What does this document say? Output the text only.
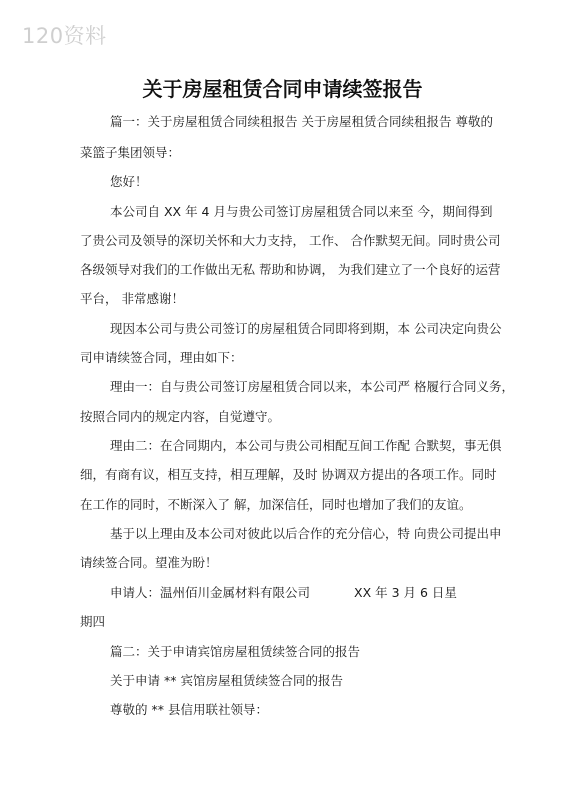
120资料
关于房屋租赁合同申请续签报告
篇一：关于房屋租赁合同续租报告 关于房屋租赁合同续租报告 尊敬的
菜篮子集团领导：
您好！
本公司自 XX 年 4 月与贵公司签订房屋租赁合同以来至 今，期间得到
了贵公司及领导的深切关怀和大力支持， 工作、 合作默契无间。同时贵公司
各级领导对我们的工作做出无私 帮助和协调， 为我们建立了一个良好的运营
平台， 非常感谢！
现因本公司与贵公司签订的房屋租赁合同即将到期，本 公司决定向贵公
司申请续签合同，理由如下：
理由一：自与贵公司签订房屋租赁合同以来，本公司严 格履行合同义务，
按照合同内的规定内容，自觉遵守。
理由二：在合同期内，本公司与贵公司相配互间工作配 合默契，事无俱
细，有商有议，相互支持，相互理解，及时 协调双方提出的各项工作。同时
在工作的同时，不断深入了 解，加深信任，同时也增加了我们的友谊。
基于以上理由及本公司对彼此以后合作的充分信心，特 向贵公司提出申
请续签合同。望准为盼！
申请人：温州佰川金属材料有限公司	XX 年 3 月 6 日星
期四
篇二：关于申请宾馆房屋租赁续签合同的报告
关于申请 ** 宾馆房屋租赁续签合同的报告
尊敬的 ** 县信用联社领导：
